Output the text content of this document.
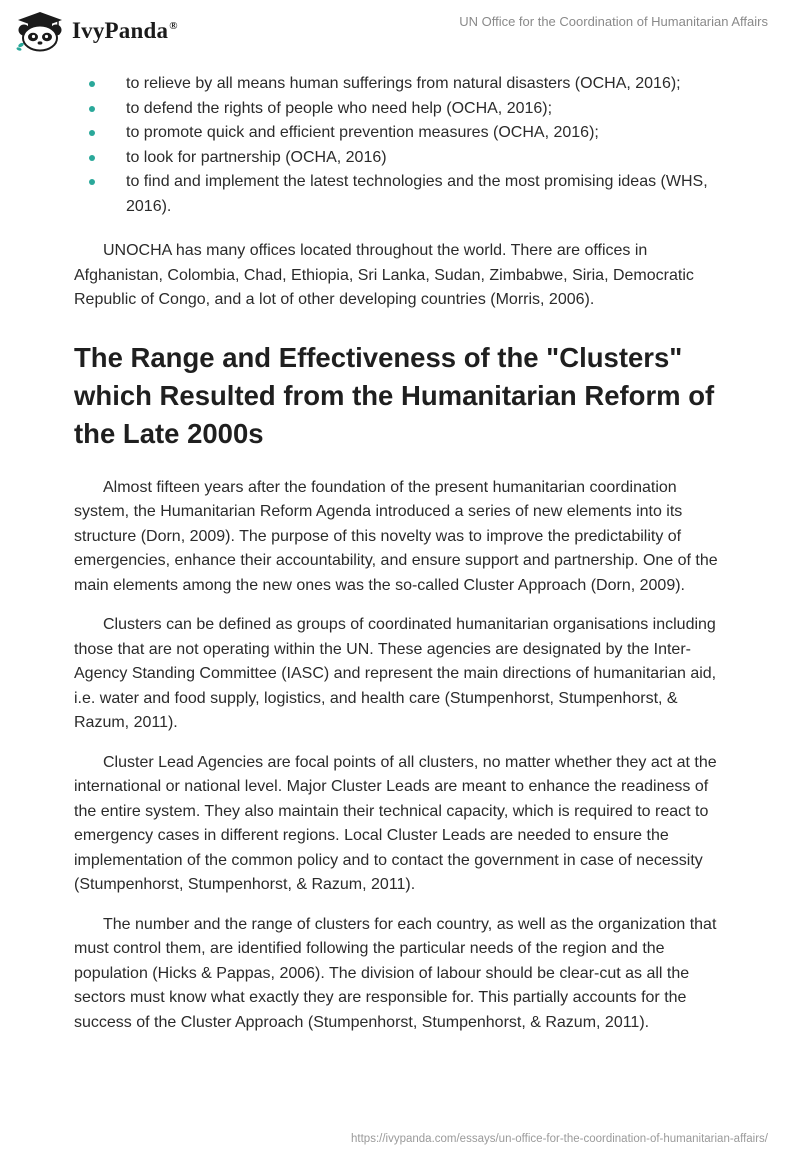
IvyPanda®	UN Office for the Coordination of Humanitarian Affairs
to relieve by all means human sufferings from natural disasters (OCHA, 2016);
to defend the rights of people who need help (OCHA, 2016);
to promote quick and efficient prevention measures (OCHA, 2016);
to look for partnership (OCHA, 2016)
to find and implement the latest technologies and the most promising ideas (WHS, 2016).

UNOCHA has many offices located throughout the world. There are offices in Afghanistan, Colombia, Chad, Ethiopia, Sri Lanka, Sudan, Zimbabwe, Siria, Democratic Republic of Congo, and a lot of other developing countries (Morris, 2006).

The Range and Effectiveness of the "Clusters" which Resulted from the Humanitarian Reform of the Late 2000s

Almost fifteen years after the foundation of the present humanitarian coordination system, the Humanitarian Reform Agenda introduced a series of new elements into its structure (Dorn, 2009). The purpose of this novelty was to improve the predictability of emergencies, enhance their accountability, and ensure support and partnership. One of the main elements among the new ones was the so-called Cluster Approach (Dorn, 2009).

Clusters can be defined as groups of coordinated humanitarian organisations including those that are not operating within the UN. These agencies are designated by the Inter-Agency Standing Committee (IASC) and represent the main directions of humanitarian aid, i.e. water and food supply, logistics, and health care (Stumpenhorst, Stumpenhorst, & Razum, 2011).

Cluster Lead Agencies are focal points of all clusters, no matter whether they act at the international or national level. Major Cluster Leads are meant to enhance the readiness of the entire system. They also maintain their technical capacity, which is required to react to emergency cases in different regions. Local Cluster Leads are needed to ensure the implementation of the common policy and to contact the government in case of necessity (Stumpenhorst, Stumpenhorst, & Razum, 2011).

The number and the range of clusters for each country, as well as the organization that must control them, are identified following the particular needs of the region and the population (Hicks & Pappas, 2006). The division of labour should be clear-cut as all the sectors must know what exactly they are responsible for. This partially accounts for the success of the Cluster Approach (Stumpenhorst, Stumpenhorst, & Razum, 2011).

https://ivypanda.com/essays/un-office-for-the-coordination-of-humanitarian-affairs/
